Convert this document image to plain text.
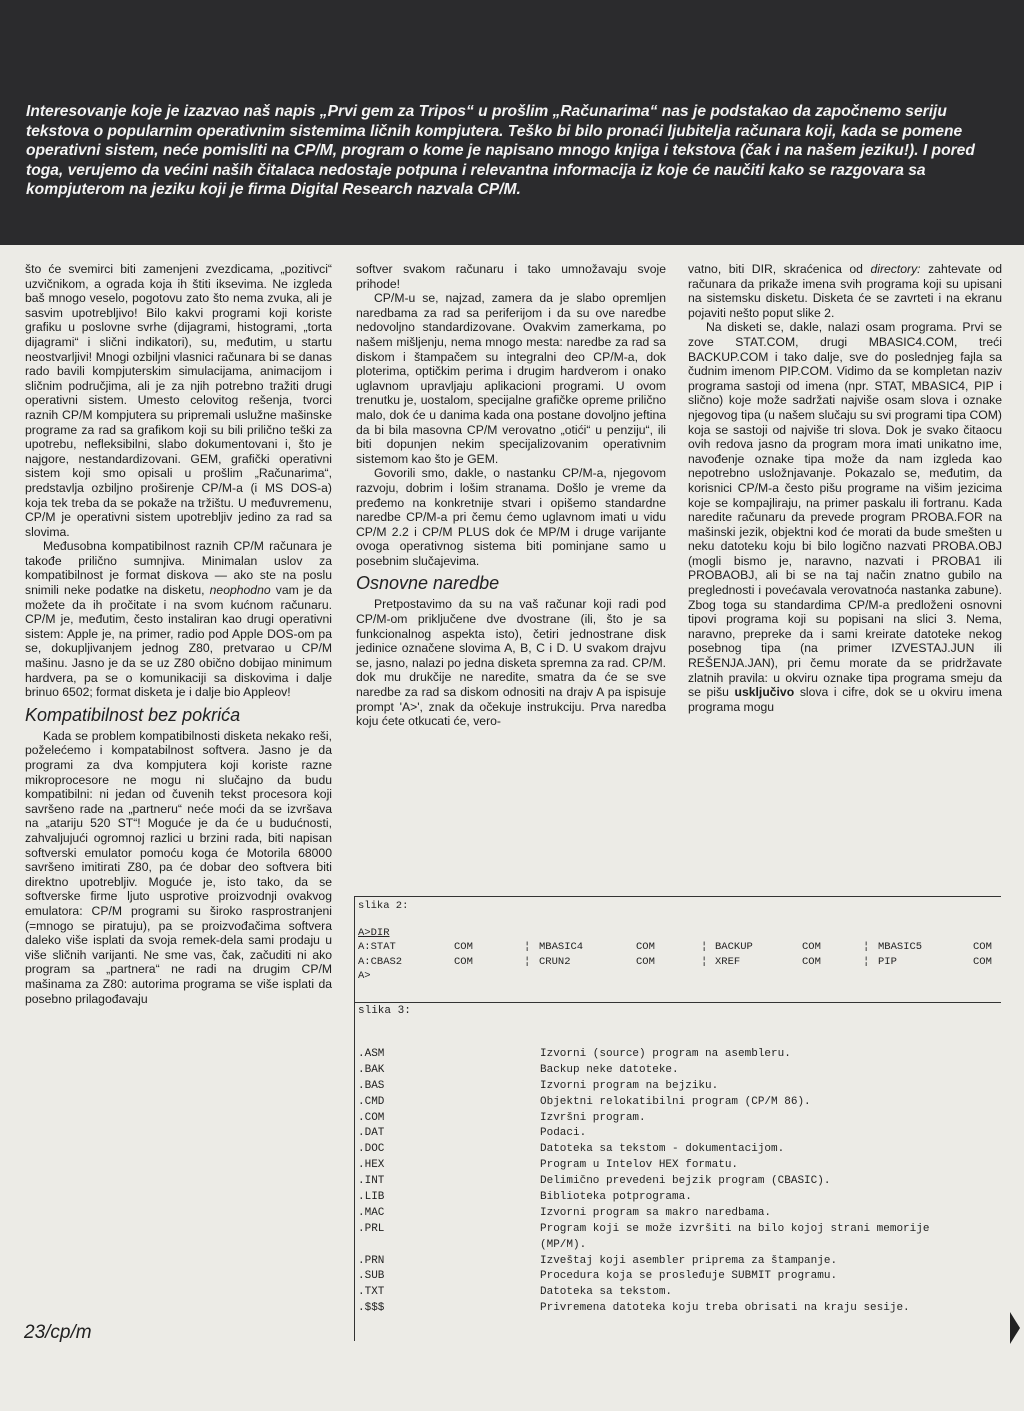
Interesovanje koje je izazvao naš napis „Prvi gem za Tripos“ u prošlim „Računarima“ nas je podstakao da započnemo seriju tekstova o popularnim operativnim sistemima ličnih kompjutera. Teško bi bilo pronaći ljubitelja računara koji, kada se pomene operativni sistem, neće pomisliti na CP/M, program o kome je napisano mnogo knjiga i tekstova (čak i na našem jeziku!). I pored toga, verujemo da većini naših čitalaca nedostaje potpuna i relevantna informacija iz koje će naučiti kako se razgovara sa kompjuterom na jeziku koji je firma Digital Research nazvala CP/M.

što će svemirci biti zamenjeni zvezdicama, „pozitivci“ uzvičnikom, a ograda koja ih štiti iksevima. Ne izgleda baš mnogo veselo, pogotovu zato što nema zvuka, ali je sasvim upotrebljivo! Bilo kakvi programi koji koriste grafiku u poslovne svrhe (dijagrami, histogrami, „torta dijagrami“ i slični indikatori), su, međutim, u startu neostvarljivi! Mnogi ozbiljni vlasnici računara bi se danas rado bavili kompjuterskim simulacijama, animacijom i sličnim područjima, ali je za njih potrebno tražiti drugi operativni sistem. Umesto celovitog rešenja, tvorci raznih CP/M kompjutera su pripremali uslužne mašinske programe za rad sa grafikom koji su bili prilično teški za upotrebu, nefleksibilni, slabo dokumentovani i, što je najgore, nestandardizovani. GEM, grafički operativni sistem koji smo opisali u prošlim „Računarima“, predstavlja ozbiljno proširenje CP/M-a (i MS DOS-a) koja tek treba da se pokaže na tržištu. U međuvremenu, CP/M je operativni sistem upotrebljiv jedino za rad sa slovima.

Međusobna kompatibilnost raznih CP/M računara je takođe prilično sumnjiva. Minimalan uslov za kompatibilnost je format diskova — ako ste na poslu snimili neke podatke na disketu, neophodno vam je da možete da ih pročitate i na svom kućnom računaru. CP/M je, međutim, često instaliran kao drugi operativni sistem: Apple je, na primer, radio pod Apple DOS-om pa se, dokupljivanjem jednog Z80, pretvarao u CP/M mašinu. Jasno je da se uz Z80 obično dobijao minimum hardvera, pa se o komunikaciji sa diskovima i dalje brinuo 6502; format disketa je i dalje bio Appleov!

Kompatibilnost bez pokrića

Kada se problem kompatibilnosti disketa nekako reši, poželećemo i kompatabilnost softvera. Jasno je da programi za dva kompjutera koji koriste razne mikroprocesore ne mogu ni slučajno da budu kompatibilni: ni jedan od čuvenih tekst procesora koji savršeno rade na „partneru“ neće moći da se izvršava na „atariju 520 ST“! Moguće je da će u budućnosti, zahvaljujući ogromnoj razlici u brzini rada, biti napisan softverski emulator pomoću koga će Motorila 68000 savršeno imitirati Z80, pa će dobar deo softvera biti direktno upotrebljiv. Moguće je, isto tako, da se softverske firme ljuto usprotive proizvodnji ovakvog emulatora: CP/M programi su široko rasprostranjeni (=mnogo se piratuju), pa se proizvođačima softvera daleko više isplati da svoja remek-dela sami prodaju u više sličnih varijanti. Ne sme vas, čak, začuditi ni ako program sa „partnera“ ne radi na drugim CP/M mašinama za Z80: autorima programa se više isplati da posebno prilagođavaju

softver svakom računaru i tako umnožavaju svoje prihode!

CP/M-u se, najzad, zamera da je slabo opremljen naredbama za rad sa periferijom i da su ove naredbe nedovoljno standardizovane. Ovakvim zamerkama, po našem mišljenju, nema mnogo mesta: naredbe za rad sa diskom i štampačem su integralni deo CP/M-a, dok ploterima, optičkim perima i drugim hardverom i onako uglavnom upravljaju aplikacioni programi. U ovom trenutku je, uostalom, specijalne grafičke opreme prilično malo, dok će u danima kada ona postane dovoljno jeftina da bi bila masovna CP/M verovatno „otići“ u penziju“, ili biti dopunjen nekim specijalizovanim operativnim sistemom kao što je GEM.

Govorili smo, dakle, o nastanku CP/M-a, njegovom razvoju, dobrim i lošim stranama. Došlo je vreme da pređemo na konkretnije stvari i opišemo standardne naredbe CP/M-a pri čemu ćemo uglavnom imati u vidu CP/M 2.2 i CP/M PLUS dok će MP/M i druge varijante ovoga operativnog sistema biti pominjane samo u posebnim slučajevima.

Osnovne naredbe

Pretpostavimo da su na vaš računar koji radi pod CP/M-om priključene dve dvostrane (ili, što je sa funkcionalnog aspekta isto), četiri jednostrane disk jedinice označene slovima A, B, C i D. U svakom drajvu se, jasno, nalazi po jedna disketa spremna za rad. CP/M. dok mu drukčije ne naredite, smatra da će se sve naredbe za rad sa diskom odnositi na drajv A pa ispisuje prompt 'A>', znak da očekuje instrukciju. Prva naredba koju ćete otkucati će, vero-

vatno, biti DIR, skraćenica od directory: zahtevate od računara da prikaže imena svih programa koji su upisani na sistemsku disketu. Disketa će se zavrteti i na ekranu pojaviti nešto poput slike 2.

Na disketi se, dakle, nalazi osam programa. Prvi se zove STAT.COM, drugi MBASIC4.COM, treći BACKUP.COM i tako dalje, sve do poslednjeg fajla sa čudnim imenom PIP.COM. Vidimo da se kompletan naziv programa sastoji od imena (npr. STAT, MBASIC4, PIP i slično) koje može sadržati najviše osam slova i oznake njegovog tipa (u našem slučaju su svi programi tipa COM) koja se sastoji od najviše tri slova. Dok je svako čitaocu ovih redova jasno da program mora imati unikatno ime, navođenje oznake tipa može da nam izgleda kao nepotrebno usložnjavanje. Pokazalo se, međutim, da korisnici CP/M-a često pišu programe na višim jezicima koje se kompajliraju, na primer paskalu ili fortranu. Kada naredite računaru da prevede program PROBA.FOR na mašinski jezik, objektni kod će morati da bude smešten u neku datoteku koju bi bilo logično nazvati PROBA.OBJ (mogli bismo je, naravno, nazvati i PROBA1 ili PROBAOBJ, ali bi se na taj način znatno gubilo na preglednosti i povećavala verovatnoća nastanka zabune). Zbog toga su standardima CP/M-a predloženi osnovni tipovi programa koji su popisani na slici 3. Nema, naravno, prepreke da i sami kreirate datoteke nekog posebnog tipa (na primer IZVESTAJ.JUN ili REŠENJA.JAN), pri čemu morate da se pridržavate zlatnih pravila: u okviru oznake tipa programa smeju da se pišu usključivo slova i cifre, dok se u okviru imena programa mogu

slika 2:
A>DIR
A:STAT	COM	¦ MBASIC4	COM	¦ BACKUP	COM	¦ MBASIC5	COM
A:CBAS2	COM	¦ CRUN2	COM	¦ XREF	COM	¦ PIP	COM
A>
slika 3:
.ASM	Izvorni (source) program na asembleru.
.BAK	Backup neke datoteke.
.BAS	Izvorni program na bejziku.
.CMD	Objektni relokatibilni program (CP/M 86).
.COM	Izvršni program.
.DAT	Podaci.
.DOC	Datoteka sa tekstom - dokumentacijom.
.HEX	Program u Intelov HEX formatu.
.INT	Delimično prevedeni bejzik program (CBASIC).
.LIB	Biblioteka potprograma.
.MAC	Izvorni program sa makro naredbama.
.PRL	Program koji se može izvršiti na bilo kojoj strani memorije (MP/M).
.PRN	Izveštaj koji asembler priprema za štampanje.
.SUB	Procedura koja se prosleđuje SUBMIT programu.
.TXT	Datoteka sa tekstom.
.$$$	Privremena datoteka koju treba obrisati na kraju sesije.
23/cp/m
